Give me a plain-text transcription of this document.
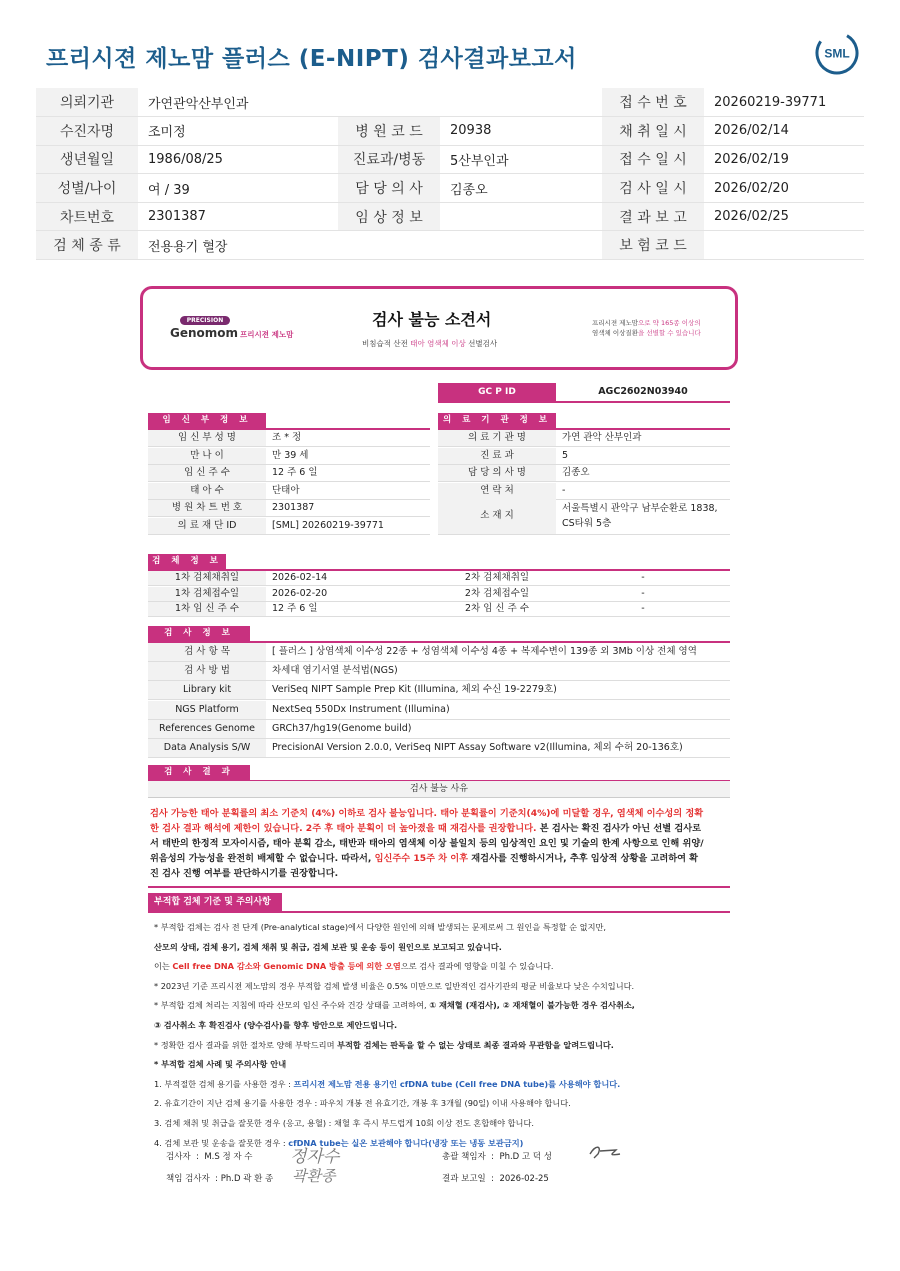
프리시젼 제노맘 플러스 (E-NIPT) 검사결과보고서	SML
의뢰기관	가연관악산부인과			접 수 번 호	20260219-39771
수진자명	조미정	병 원 코 드	20938	채 취 일 시	2026/02/14
생년월일	1986/08/25	진료과/병동	5산부인과	접 수 일 시	2026/02/19
성별/나이	여 / 39	담 당 의 사	김종오	검 사 일 시	2026/02/20
차트번호	2301387	임 상 정 보		결 과 보 고	2026/02/25
검 체 종 류	전용용기 혈장			보 험 코 드	
PRECISION
Genomom 프리시젼 제노맘
검사 불능 소견서
비침습적 산전 태아 염색체 이상 선별검사
프리시젼 제노맘으로 약 165종 이상의
염색체 이상질환을 선별할 수 있습니다
GC P ID	AGC2602N03940
임 신 부 정 보	의 료 기 관 정 보
임 신 부 성 명	조 * 정
만 나 이	만 39 세
임 신 주 수	12 주 6 일
태 아 수	단태아
병 원 차 트 번 호	2301387
의 료 재 단 ID	[SML] 20260219-39771
의 료 기 관 명	가연 관악 산부인과
진 료 과	5
담 당 의 사 명	김종오
연 락 처	-
소 재 지
서울특별시 관악구 남부순환로 1838,
CS타워 5층
검 체 정 보
1차 검체채취일	2026-02-14	2차 검체채취일	-
1차 검체접수일	2026-02-20	2차 검체접수일	-
1차 임 신 주 수	12 주 6 일	2차 임 신 주 수	-
검 사 정 보
검 사 항 목	[ 플러스 ] 상염색체 이수성 22종 + 성염색체 이수성 4종 + 복제수변이 139종 외 3Mb 이상 전체 영역
검 사 방 법	차세대 염기서열 분석법(NGS)
Library kit	VeriSeq NIPT Sample Prep Kit (Illumina, 체외 수신 19-2279호)
NGS Platform	NextSeq 550Dx Instrument (Illumina)
References Genome	GRCh37/hg19(Genome build)
Data Analysis S/W	PrecisionAI Version 2.0.0, VeriSeq NIPT Assay Software v2(Illumina, 체외 수허 20-136호)
검 사 결 과
검사 불능 사유
검사 가능한 태아 분획률의 최소 기준치 (4%) 이하로 검사 불능입니다. 태아 분획률이 기준치(4%)에 미달할 경우, 염색체 이수성의 정확
한 검사 결과 해석에 제한이 있습니다. 2주 후 태아 분획이 더 높아졌을 때 재검사를 권장합니다. 본 검사는 확진 검사가 아닌 선별 검사로
서 태반의 한정적 모자이시즘, 태아 분획 감소, 태반과 태아의 염색체 이상 불일치 등의 임상적인 요인 및 기술의 한계 사항으로 인해 위양/
위음성의 가능성을 완전히 배제할 수 없습니다. 따라서, 임신주수 15주 차 이후 재검사를 진행하시거나, 추후 임상적 상황을 고려하여 확
진 검사 진행 여부를 판단하시기를 권장합니다.
부적합 검체 기준 및 주의사항

* 부적합 검체는 검사 전 단계 (Pre-analytical stage)에서 다양한 원인에 의해 발생되는 문제로써 그 원인을 특정할 순 없지만,

산모의 상태, 검체 용기, 검체 채취 및 취급, 검체 보관 및 운송 등이 원인으로 보고되고 있습니다.

이는 Cell free DNA 감소와 Genomic DNA 방출 등에 의한 오염으로 검사 결과에 영향을 미칠 수 있습니다.

* 2023년 기준 프리시젼 제노맘의 경우 부적합 검체 발생 비율은 0.5% 미만으로 일반적인 검사기관의 평균 비율보다 낮은 수치입니다.

* 부적합 검체 처리는 지침에 따라 산모의 임신 주수와 건강 상태를 고려하여, ① 재채혈 (재검사), ② 재채혈이 불가능한 경우 검사취소,

③ 검사취소 후 확진검사 (양수검사)를 향후 방안으로 제안드립니다.

* 정확한 검사 결과를 위한 절차로 양해 부탁드리며 부적합 검체는 판독을 할 수 없는 상태로 최종 결과와 무관함을 알려드립니다.

* 부적합 검체 사례 및 주의사항 안내

1. 부적절한 검체 용기를 사용한 경우 : 프리시젼 제노맘 전용 용기인 cfDNA tube (Cell free DNA tube)를 사용해야 합니다.

2. 유효기간이 지난 검체 용기를 사용한 경우 : 파우치 개봉 전 유효기간, 개봉 후 3개월 (90일) 이내 사용해야 합니다.

3. 검체 채취 및 취급을 잘못한 경우 (응고, 용혈) : 채혈 후 즉시 부드럽게 10회 이상 전도 혼합해야 합니다.

4. 검체 보관 및 운송을 잘못한 경우 : cfDNA tube는 실온 보관해야 합니다(냉장 또는 냉동 보관금지)

검사자  :  M.S 정 자 수 정자수
책임 검사자  : Ph.D 곽 환 종 곽환종
총괄 책임자  :  Ph.D 고 덕 성
결과 보고일  :  2026-02-25
